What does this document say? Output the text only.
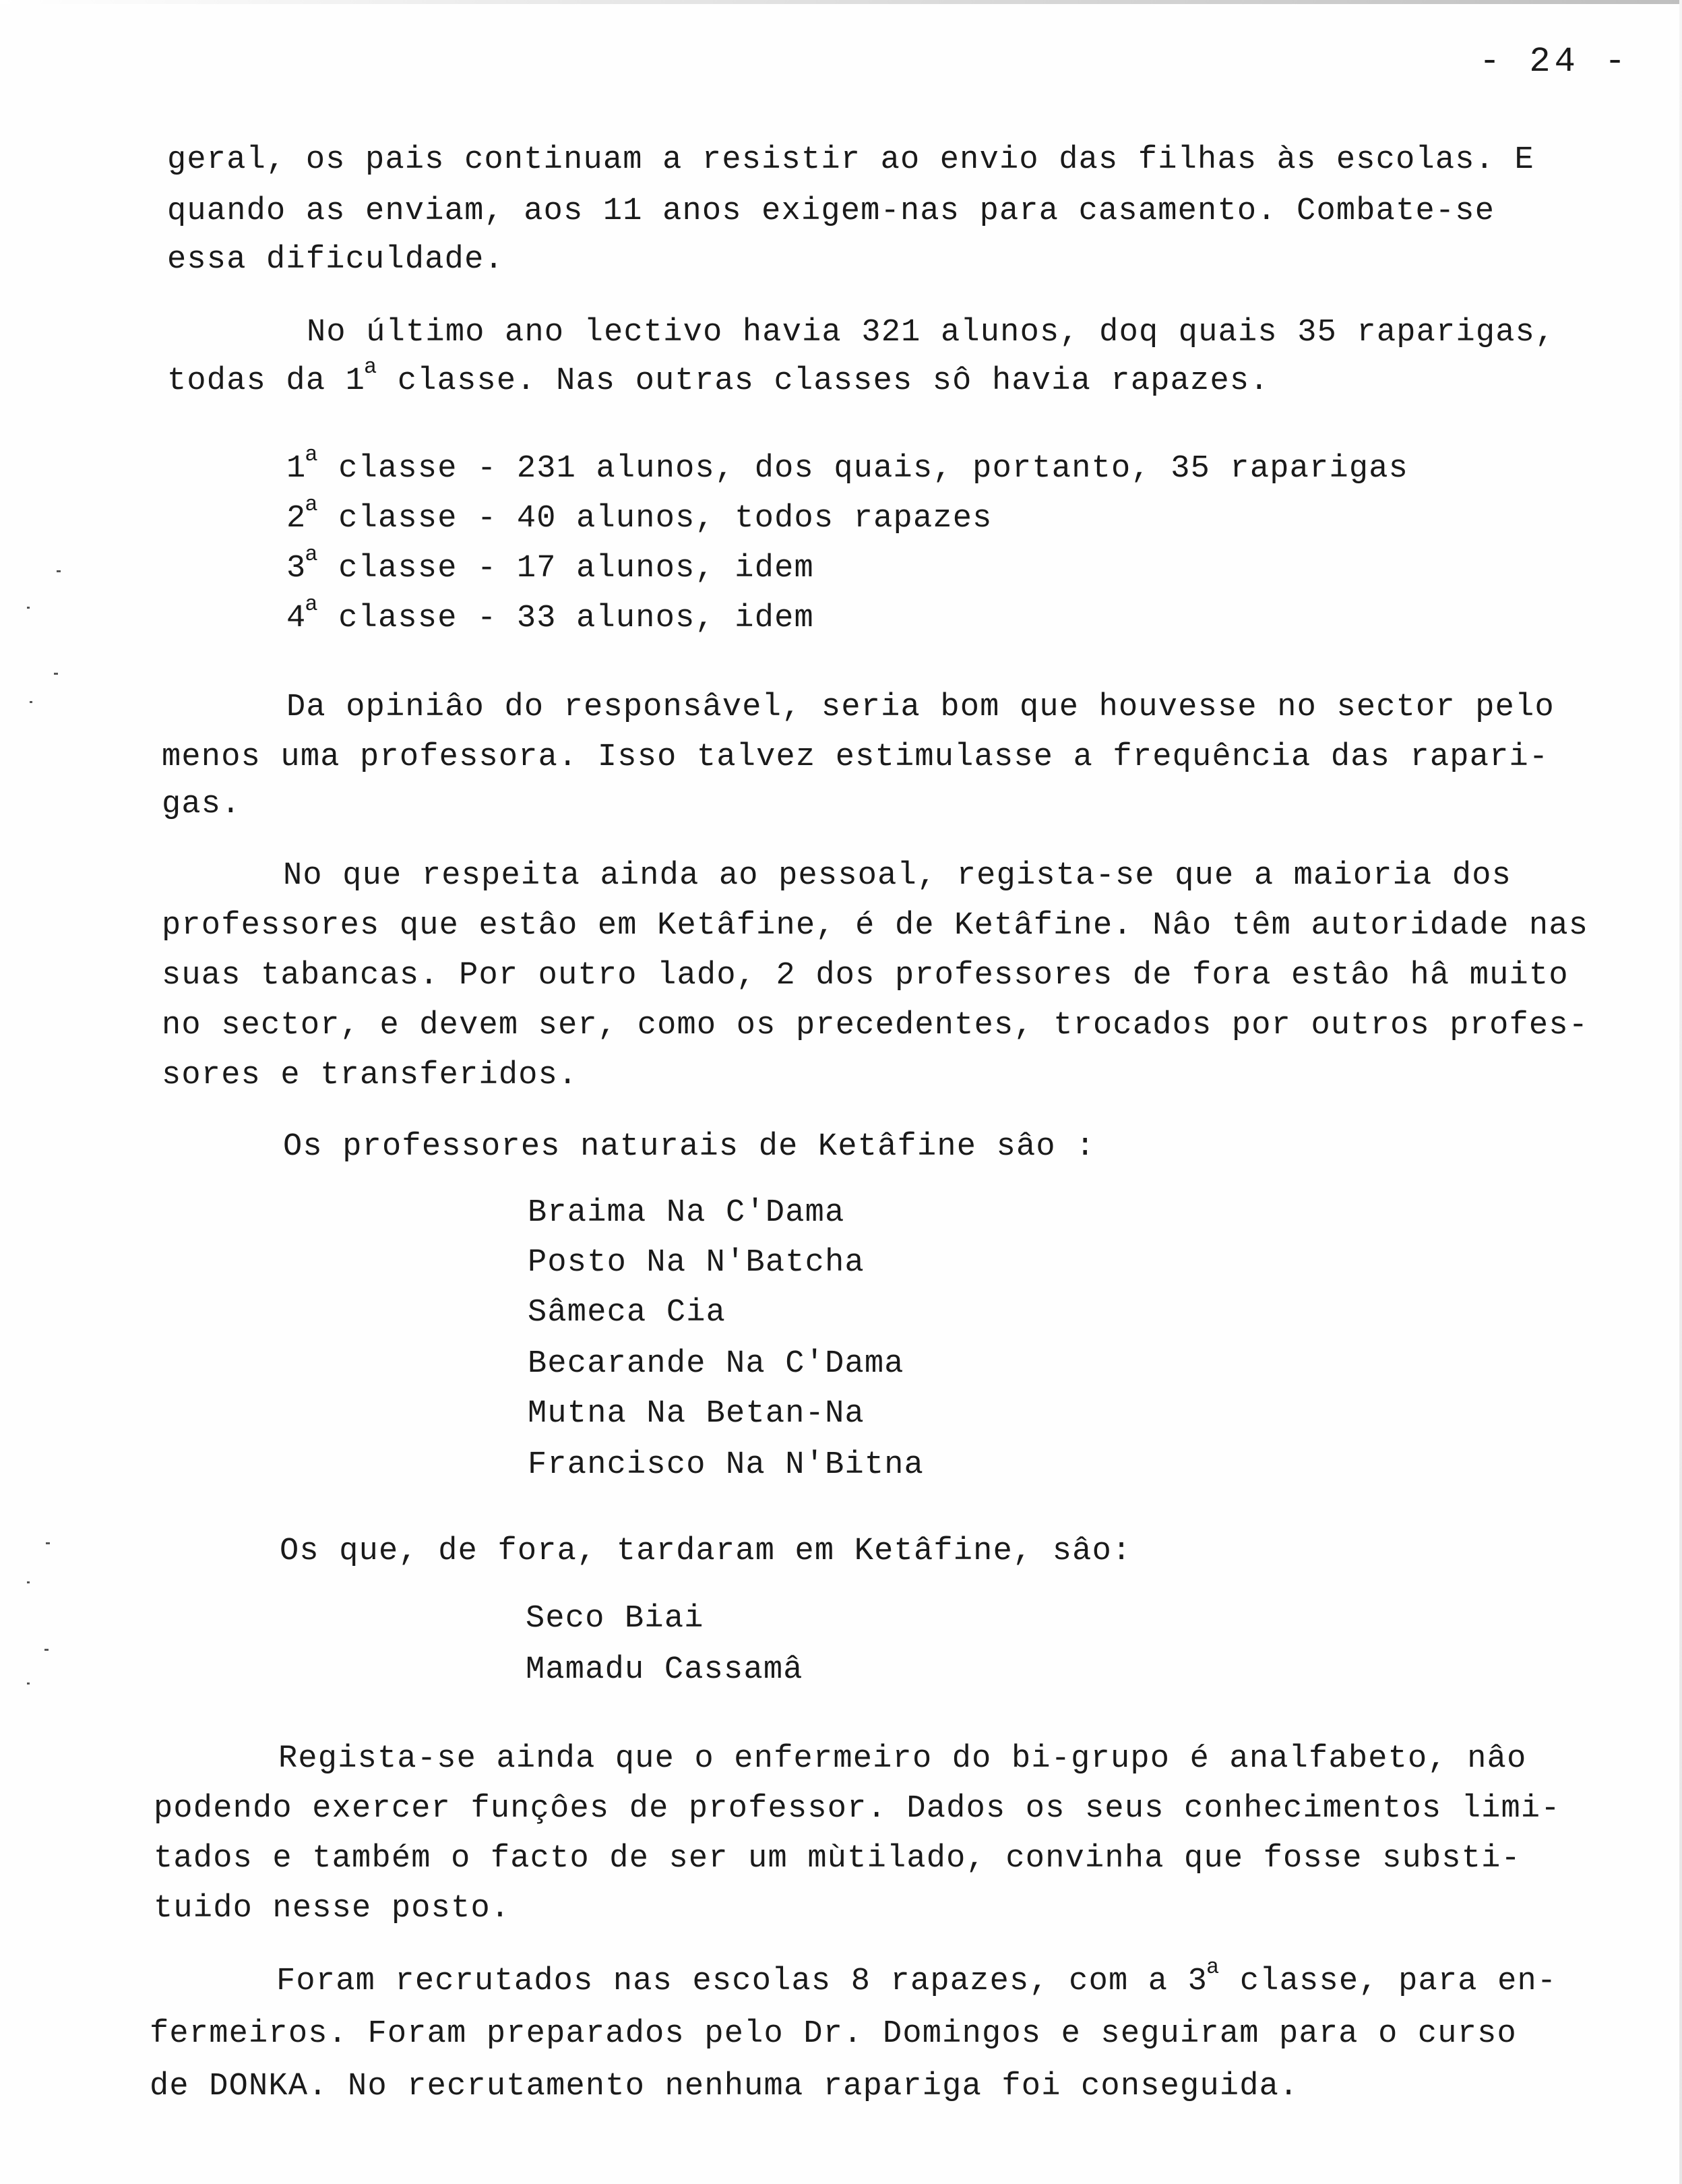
- 24 -
geral, os pais continuam a resistir ao envio das filhas às escolas. E
quando as enviam, aos 11 anos exigem-nas para casamento. Combate-se
essa dificuldade.
No último ano lectivo havia 321 alunos, doq quais 35 raparigas,
todas da 1$^a$ classe. Nas outras classes sô havia rapazes.
1$^a$ classe - 231 alunos, dos quais, portanto, 35 raparigas
2$^a$ classe - 40 alunos, todos rapazes
3$^a$ classe - 17 alunos, idem
4$^a$ classe - 33 alunos, idem
Da opiniâo do responsâvel, seria bom que houvesse no sector pelo
menos uma professora. Isso talvez estimulasse a frequência das rapari-
gas.
No que respeita ainda ao pessoal, regista-se que a maioria dos
professores que estâo em Ketâfine, é de Ketâfine. Nâo têm autoridade nas
suas tabancas. Por outro lado, 2 dos professores de fora estâo hâ muito
no sector, e devem ser, como os precedentes, trocados por outros profes-
sores e transferidos.
Os professores naturais de Ketâfine sâo :
Braima Na C'Dama
Posto Na N'Batcha
Sâmeca Cia
Becarande Na C'Dama
Mutna Na Betan-Na
Francisco Na N'Bitna
Os que, de fora, tardaram em Ketâfine, sâo:
Seco Biai
Mamadu Cassamâ
Regista-se ainda que o enfermeiro do bi-grupo é analfabeto, nâo
podendo exercer funçôes de professor. Dados os seus conhecimentos limi-
tados e também o facto de ser um mùtilado, convinha que fosse substi-
tuido nesse posto.
Foram recrutados nas escolas 8 rapazes, com a 3$^a$ classe, para en-
fermeiros. Foram preparados pelo Dr. Domingos e seguiram para o curso
de DONKA. No recrutamento nenhuma rapariga foi conseguida.
